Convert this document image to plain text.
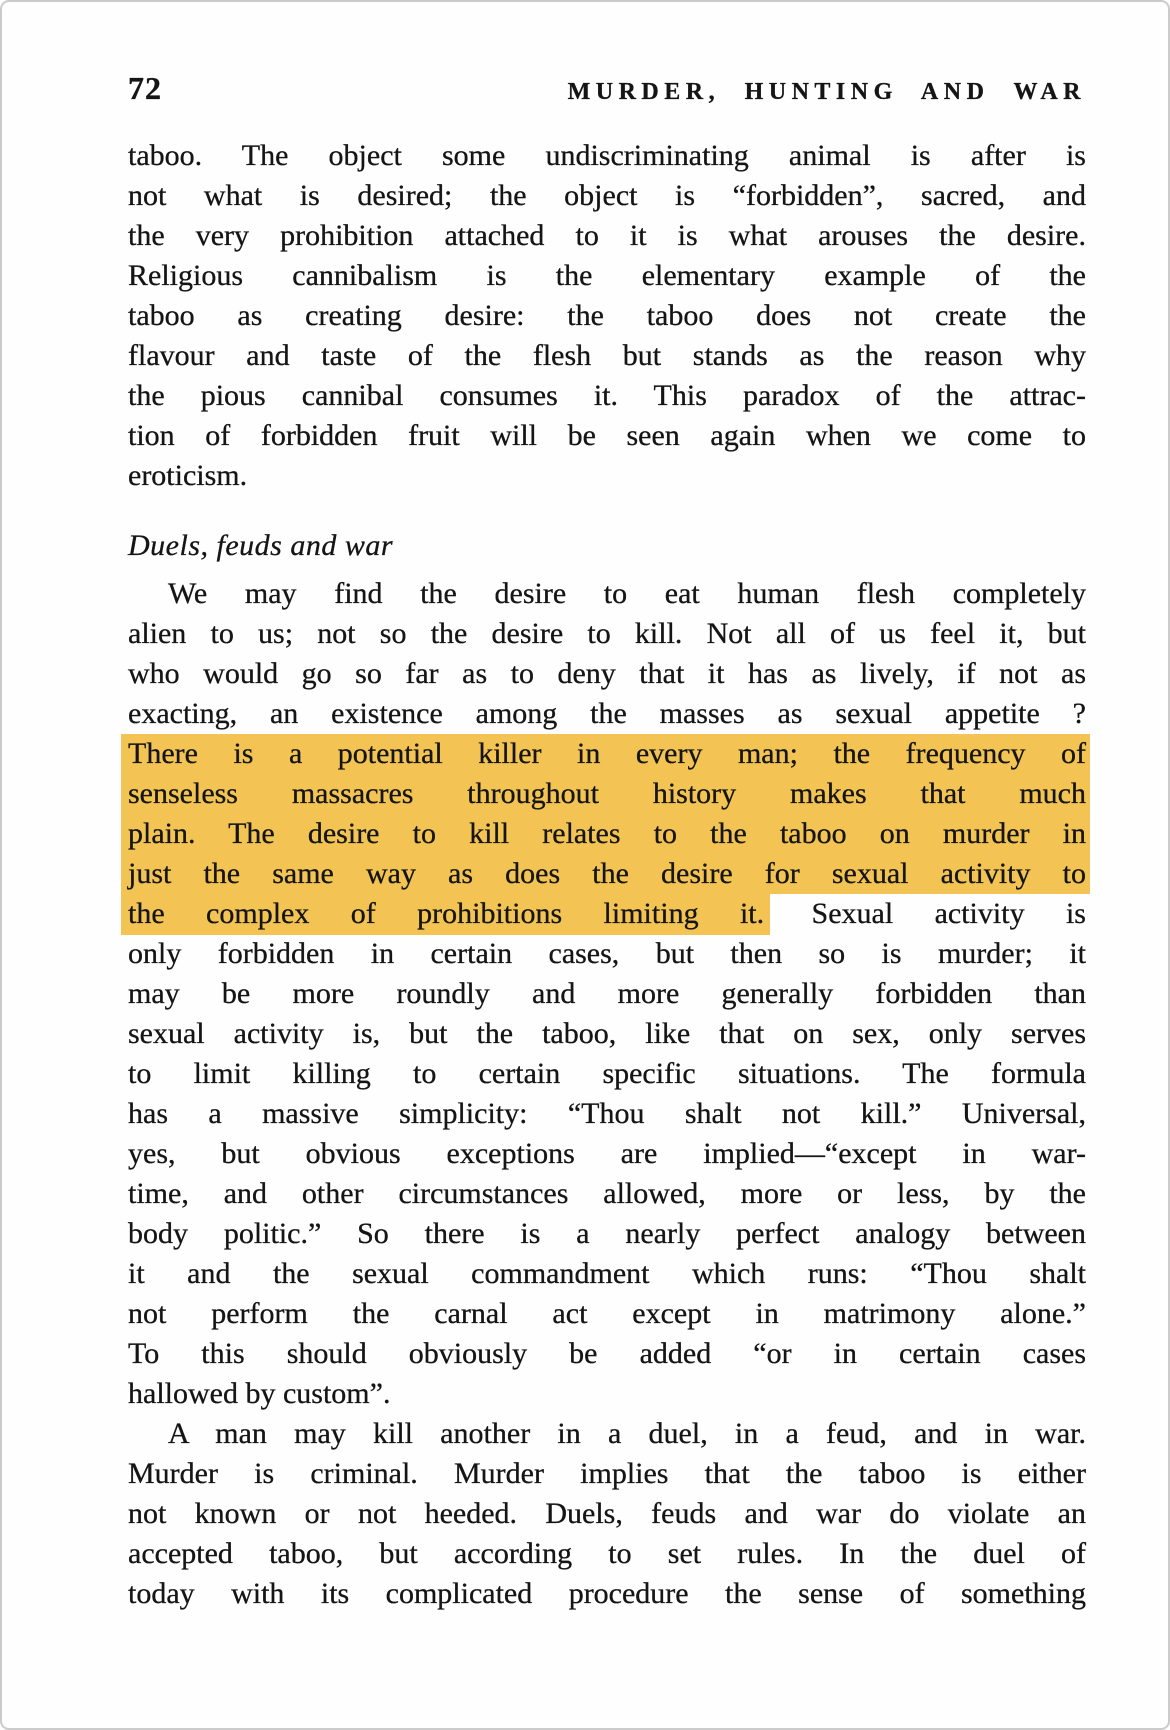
72	MURDER, HUNTING AND WAR
taboo. The object some undiscriminating animal is after is
not what is desired; the object is “forbidden”, sacred, and
the very prohibition attached to it is what arouses the desire.
Religious cannibalism is the elementary example of the
taboo as creating desire: the taboo does not create the
flavour and taste of the flesh but stands as the reason why
the pious cannibal consumes it. This paradox of the attrac-
tion of forbidden fruit will be seen again when we come to
eroticism.
Duels, feuds and war
We may find the desire to eat human flesh completely
alien to us; not so the desire to kill. Not all of us feel it, but
who would go so far as to deny that it has as lively, if not as
exacting, an existence among the masses as sexual appetite ?
There is a potential killer in every man; the frequency of
senseless massacres throughout history makes that much
plain. The desire to kill relates to the taboo on murder in
just the same way as does the desire for sexual activity to
the complex of prohibitions limiting it. Sexual activity is
only forbidden in certain cases, but then so is murder; it
may be more roundly and more generally forbidden than
sexual activity is, but the taboo, like that on sex, only serves
to limit killing to certain specific situations. The formula
has a massive simplicity: “Thou shalt not kill.” Universal,
yes, but obvious exceptions are implied—“except in war-
time, and other circumstances allowed, more or less, by the
body politic.” So there is a nearly perfect analogy between
it and the sexual commandment which runs: “Thou shalt
not perform the carnal act except in matrimony alone.”
To this should obviously be added “or in certain cases
hallowed by custom”.
A man may kill another in a duel, in a feud, and in war.
Murder is criminal. Murder implies that the taboo is either
not known or not heeded. Duels, feuds and war do violate an
accepted taboo, but according to set rules. In the duel of
today with its complicated procedure the sense of something
